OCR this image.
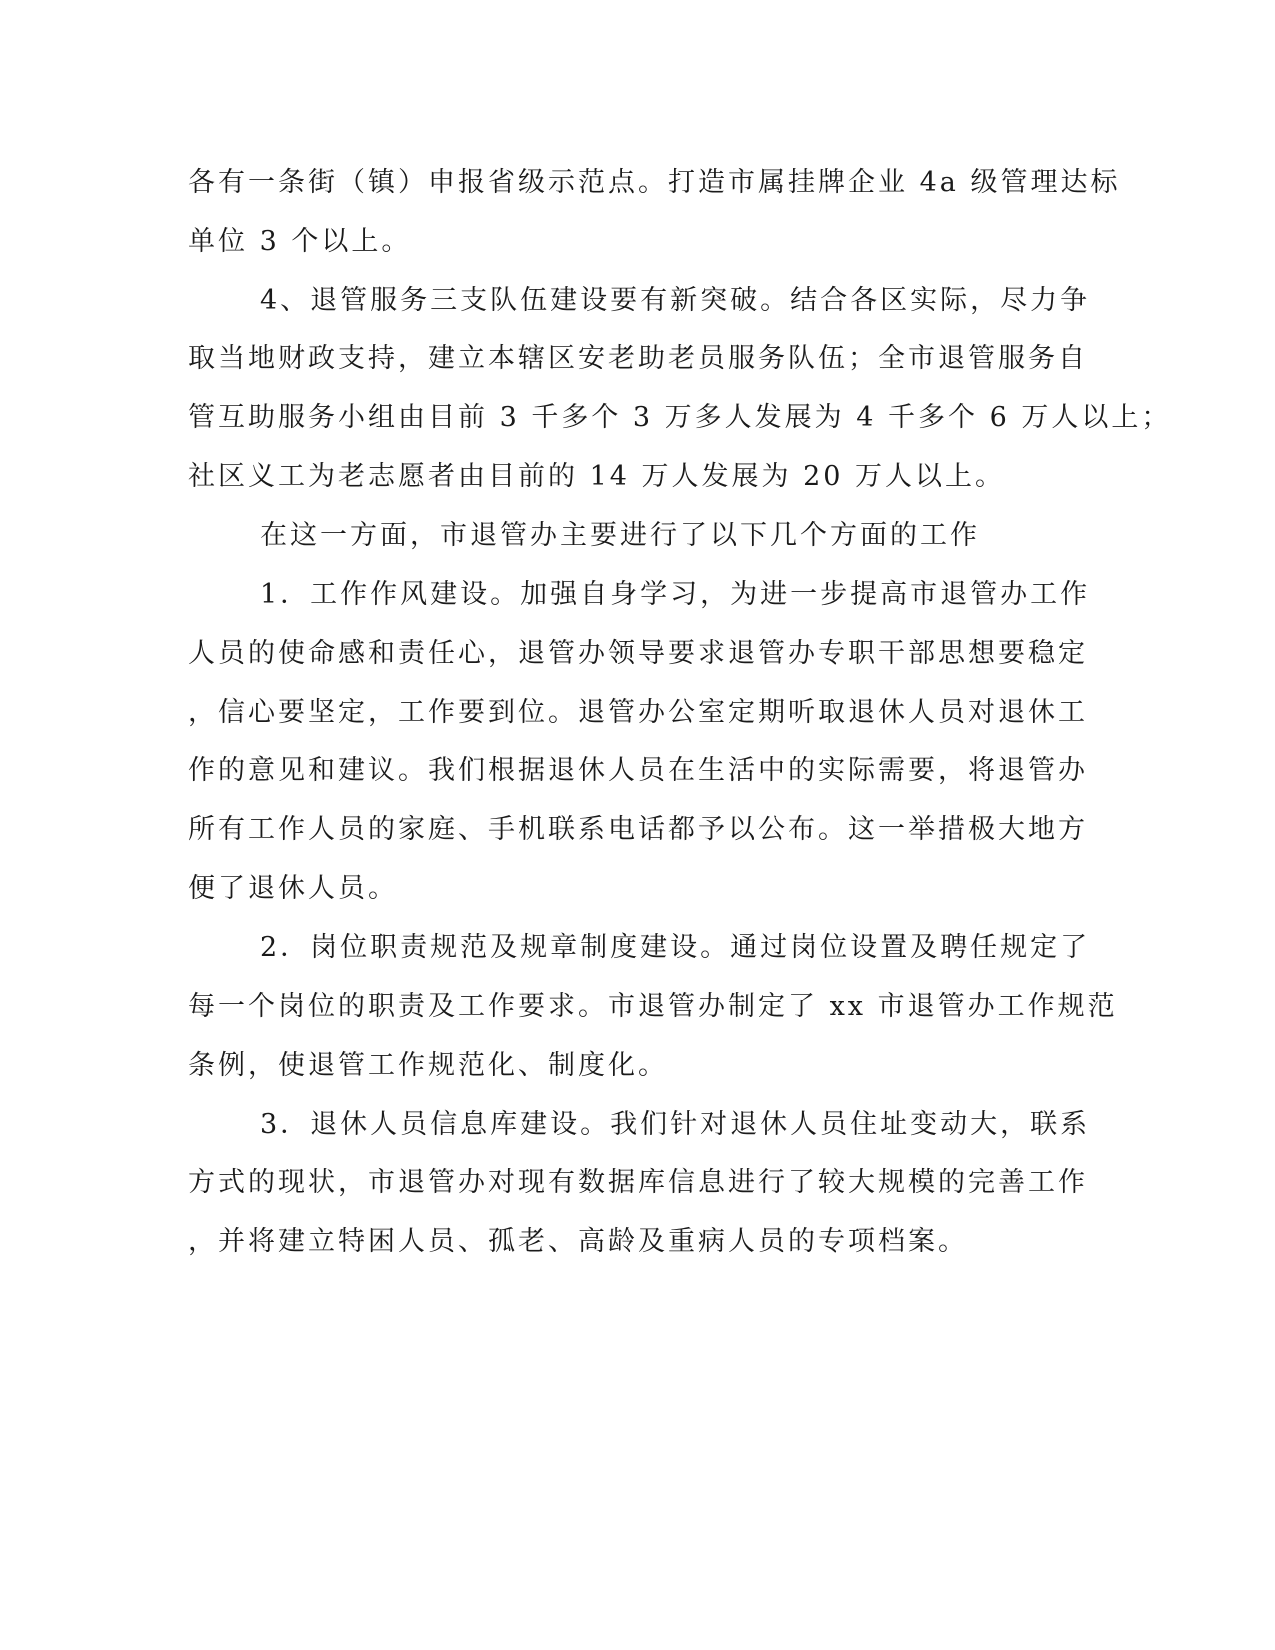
各有一条街（镇）申报省级示范点。打造市属挂牌企业 4a 级管理达标
单位 3 个以上。
4、退管服务三支队伍建设要有新突破。结合各区实际，尽力争
取当地财政支持，建立本辖区安老助老员服务队伍；全市退管服务自
管互助服务小组由目前 3 千多个 3 万多人发展为 4 千多个 6 万人以上；
社区义工为老志愿者由目前的 14 万人发展为 20 万人以上。
在这一方面，市退管办主要进行了以下几个方面的工作
1．工作作风建设。加强自身学习，为进一步提高市退管办工作
人员的使命感和责任心，退管办领导要求退管办专职干部思想要稳定
，信心要坚定，工作要到位。退管办公室定期听取退休人员对退休工
作的意见和建议。我们根据退休人员在生活中的实际需要，将退管办
所有工作人员的家庭、手机联系电话都予以公布。这一举措极大地方
便了退休人员。
2．岗位职责规范及规章制度建设。通过岗位设置及聘任规定了
每一个岗位的职责及工作要求。市退管办制定了 xx 市退管办工作规范
条例，使退管工作规范化、制度化。
3．退休人员信息库建设。我们针对退休人员住址变动大，联系
方式的现状，市退管办对现有数据库信息进行了较大规模的完善工作
，并将建立特困人员、孤老、高龄及重病人员的专项档案。
